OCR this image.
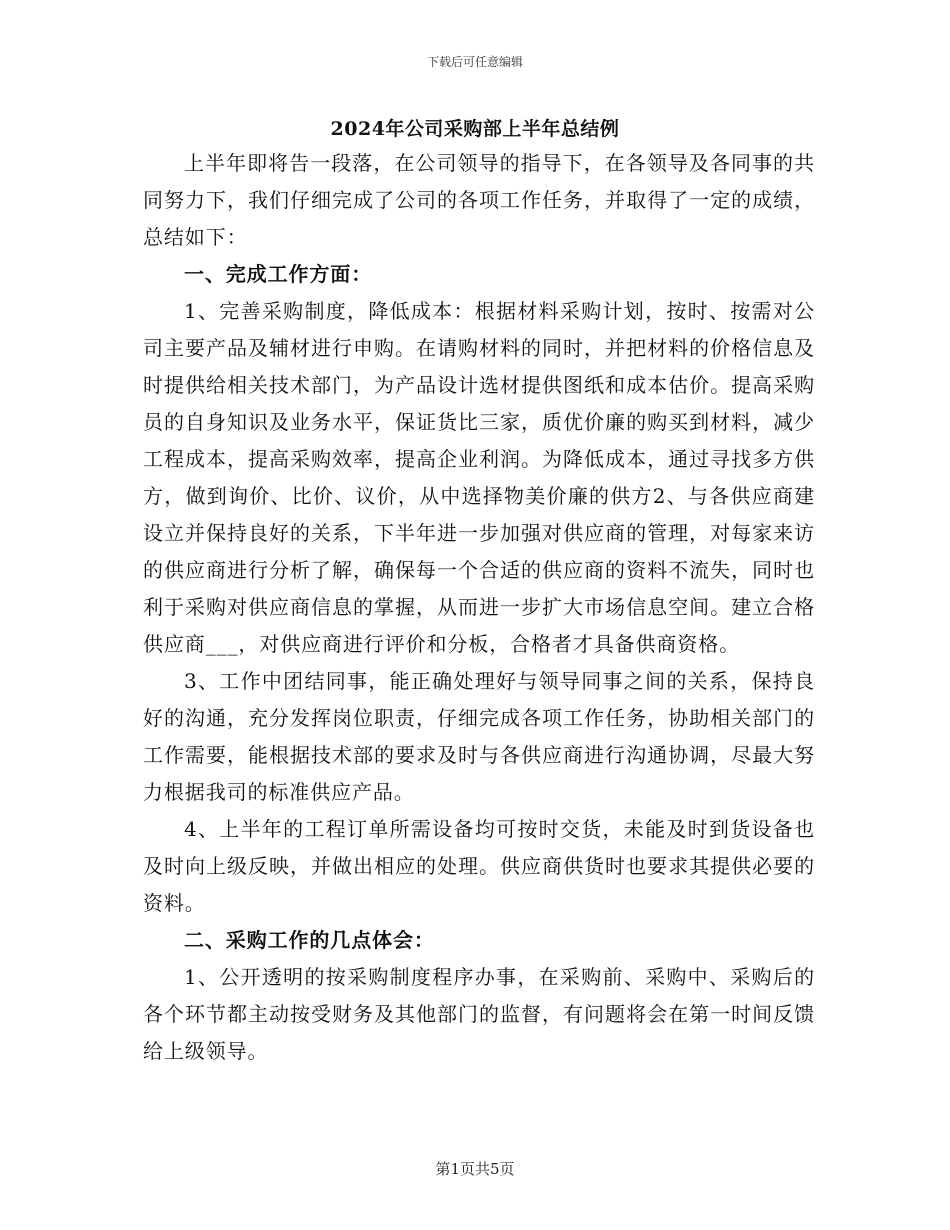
下载后可任意编辑
2024年公司采购部上半年总结例

上半年即将告一段落，在公司领导的指导下，在各领导及各同事的共同努力下，我们仔细完成了公司的各项工作任务，并取得了一定的成绩，总结如下：

一、完成工作方面：

1、完善采购制度，降低成本：根据材料采购计划，按时、按需对公司主要产品及辅材进行申购。在请购材料的同时，并把材料的价格信息及时提供给相关技术部门，为产品设计选材提供图纸和成本估价。提高采购员的自身知识及业务水平，保证货比三家，质优价廉的购买到材料，减少工程成本，提高采购效率，提高企业利润。为降低成本，通过寻找多方供方，做到询价、比价、议价，从中选择物美价廉的供方2、与各供应商建设立并保持良好的关系，下半年进一步加强对供应商的管理，对每家来访的供应商进行分析了解，确保每一个合适的供应商的资料不流失，同时也利于采购对供应商信息的掌握，从而进一步扩大市场信息空间。建立合格供应商___，对供应商进行评价和分板，合格者才具备供商资格。

3、工作中团结同事，能正确处理好与领导同事之间的关系，保持良好的沟通，充分发挥岗位职责，仔细完成各项工作任务，协助相关部门的工作需要，能根据技术部的要求及时与各供应商进行沟通协调，尽最大努力根据我司的标准供应产品。

4、上半年的工程订单所需设备均可按时交货，未能及时到货设备也及时向上级反映，并做出相应的处理。供应商供货时也要求其提供必要的资料。

二、采购工作的几点体会：

1、公开透明的按采购制度程序办事，在采购前、采购中、采购后的各个环节都主动按受财务及其他部门的监督，有问题将会在第一时间反馈给上级领导。

第1页共5页
